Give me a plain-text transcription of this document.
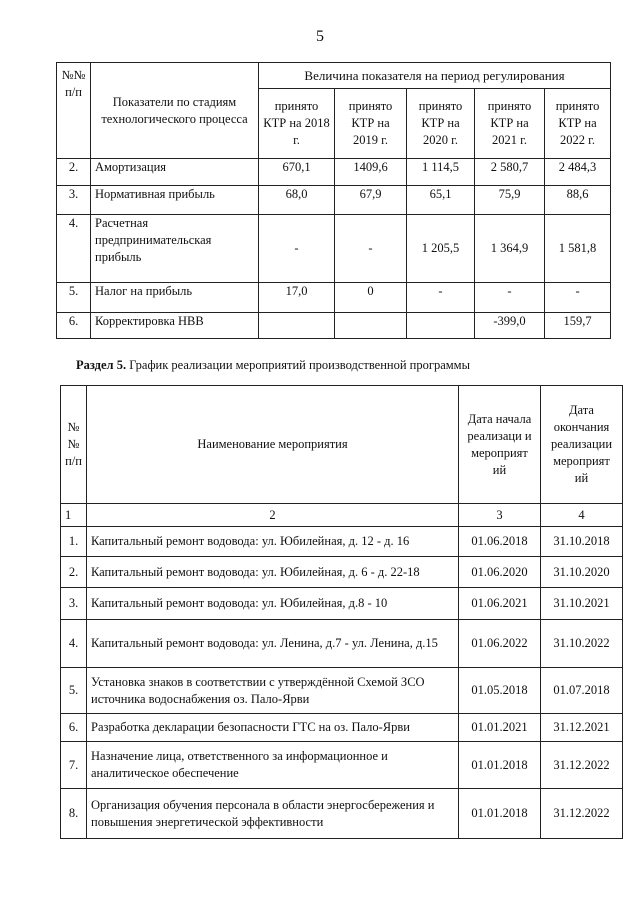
5
№№ п/п	Показатели по стадиям технологического процесса	Величина показателя на период регулирования				
		принято КТР на 2018 г.	принято КТР на 2019 г.	принято КТР на 2020 г.	принято КТР на 2021 г.	принято КТР на 2022 г.
2.	Амортизация	670,1	1409,6	1 114,5	2 580,7	2 484,3
3.	Нормативная прибыль	68,0	67,9	65,1	75,9	88,6
4.	Расчетная предпринимательская прибыль	-	-	1 205,5	1 364,9	1 581,8
5.	Налог на прибыль	17,0	0	-	-	-
6.	Корректировка НВВ				-399,0	159,7
Раздел 5. График реализации мероприятий производственной программы
№№ п/п	Наименование мероприятия	Дата начала реализаци и мероприят ий	Дата окончания реализации мероприят ий
1	2	3	4
1.	Капитальный ремонт водовода: ул. Юбилейная, д. 12 - д. 16	01.06.2018	31.10.2018
2.	Капитальный ремонт водовода: ул. Юбилейная, д. 6 - д. 22-18	01.06.2020	31.10.2020
3.	Капитальный ремонт водовода: ул. Юбилейная, д.8 - 10	01.06.2021	31.10.2021
4.	Капитальный ремонт водовода: ул. Ленина, д.7 - ул. Ленина, д.15	01.06.2022	31.10.2022
5.	Установка знаков в соответствии с утверждённой Схемой ЗСО источника водоснабжения оз. Пало-Ярви	01.05.2018	01.07.2018
6.	Разработка декларации безопасности ГТС на оз. Пало-Ярви	01.01.2021	31.12.2021
7.	Назначение лица, ответственного за информационное и аналитическое обеспечение	01.01.2018	31.12.2022
8.	Организация обучения персонала в области энергосбережения и повышения энергетической эффективности	01.01.2018	31.12.2022
